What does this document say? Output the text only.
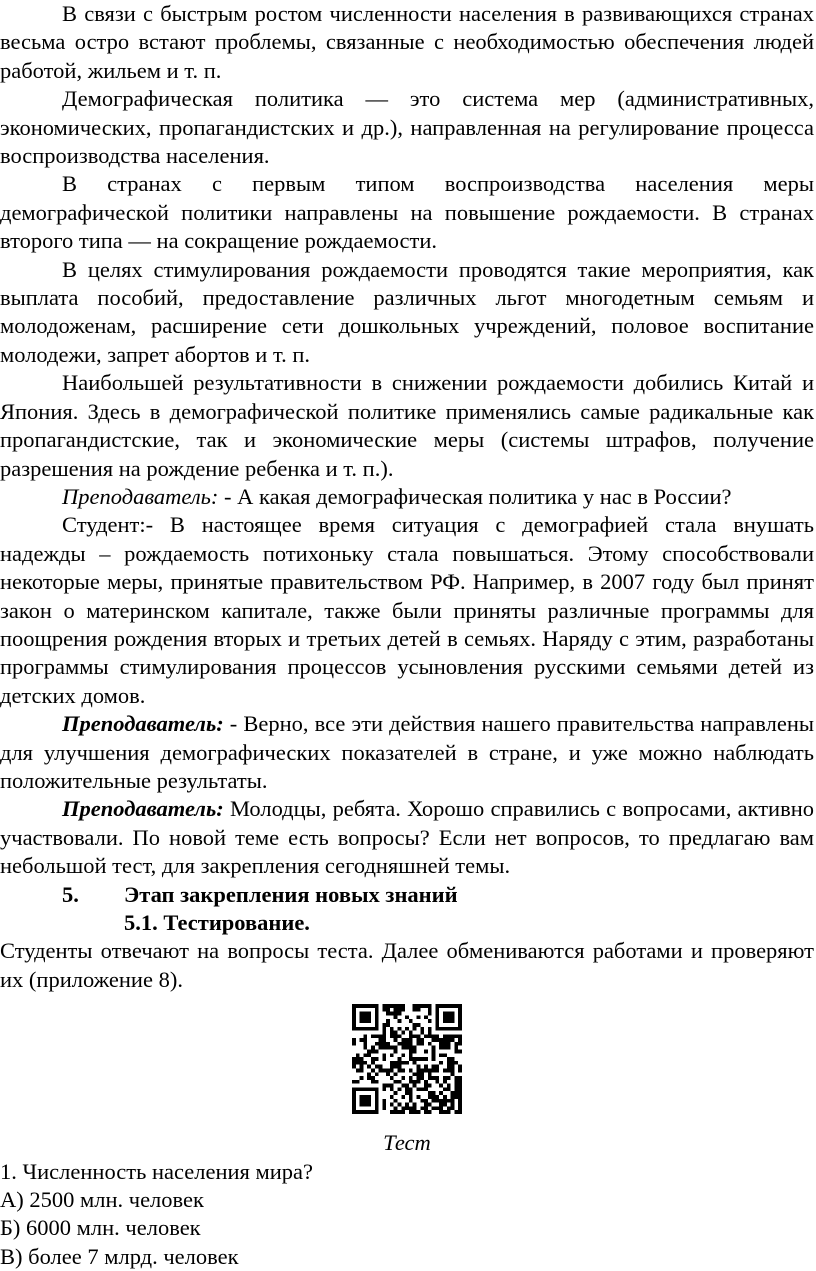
В связи с быстрым ростом численности населения в развивающихся странах весьма остро встают проблемы, связанные с необходимостью обеспечения людей работой, жильем и т. п.

Демографическая политика — это система мер (административных, экономических, пропагандистских и др.), направленная на регулирование процесса воспроизводства населения.

В странах с первым типом воспроизводства населения меры демографической политики направлены на повышение рождаемости. В странах второго типа — на сокращение рождаемости.

В целях стимулирования рождаемости проводятся такие мероприятия, как выплата пособий, предоставление различных льгот многодетным семьям и молодоженам, расширение сети дошкольных учреждений, половое воспитание молодежи, запрет абортов и т. п.

Наибольшей результативности в снижении рождаемости добились Китай и Япония. Здесь в демографической политике применялись самые радикальные как пропагандистские, так и экономические меры (системы штрафов, получение разрешения на рождение ребенка и т. п.).

Преподаватель: - А какая демографическая политика у нас в России?

Студент:- В настоящее время ситуация с демографией стала внушать надежды – рождаемость потихоньку стала повышаться. Этому способствовали некоторые меры, принятые правительством РФ. Например, в 2007 году был принят закон о материнском капитале, также были приняты различные программы для поощрения рождения вторых и третьих детей в семьях. Наряду с этим, разработаны программы стимулирования процессов усыновления русскими семьями детей из детских домов.

Преподаватель: - Верно, все эти действия нашего правительства направлены для улучшения демографических показателей в стране, и уже можно наблюдать положительные результаты.

Преподаватель: Молодцы, ребята. Хорошо справились с вопросами, активно участвовали. По новой теме есть вопросы? Если нет вопросов, то предлагаю вам небольшой тест, для закрепления сегодняшней темы.

5.	Этап закрепления новых знаний

5.1. Тестирование.

Студенты отвечают на вопросы теста. Далее обмениваются работами и проверяют их (приложение 8).

Тест

1. Численность населения мира?

А) 2500 млн. человек

Б) 6000 млн. человек

В) более 7 млрд. человек
